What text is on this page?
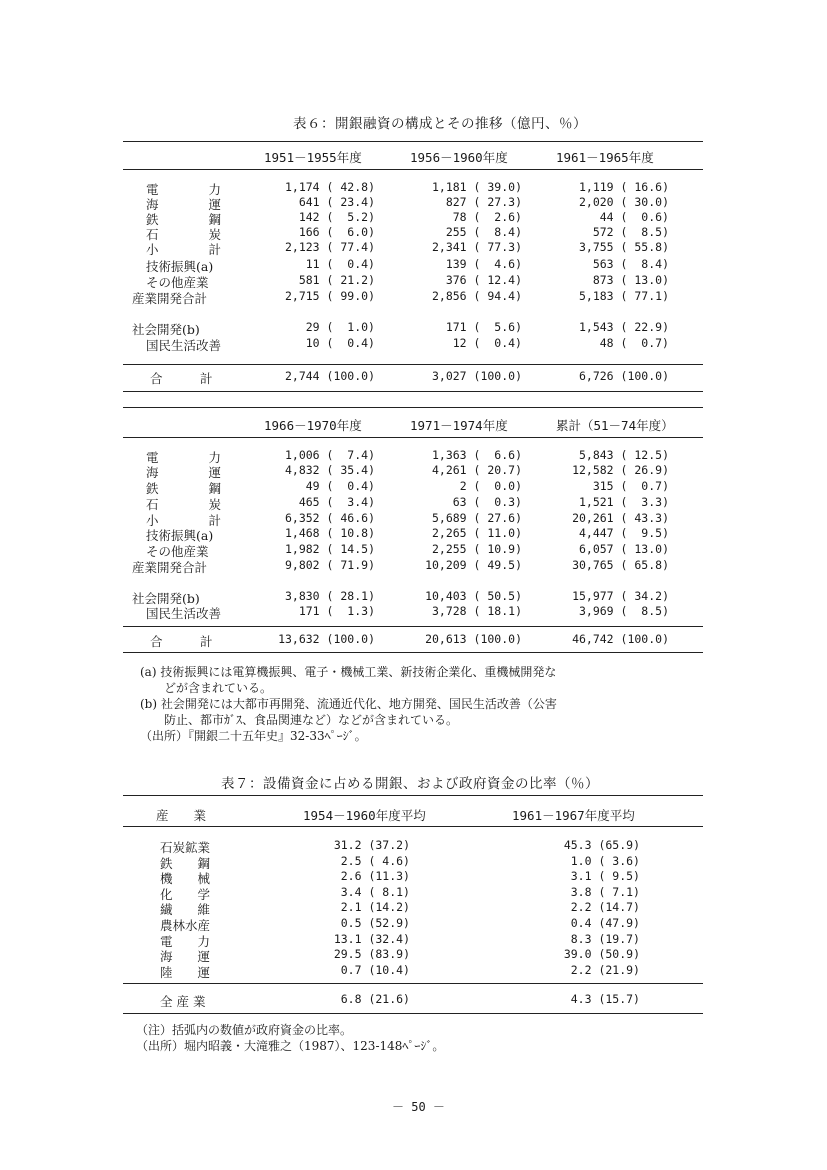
表６：開銀融資の構成とその推移（億円、％）
1951－1955年度	1956－1960年度	1961－1965年度
電　　　　力	1,174 ( 42.8)	1,181 ( 39.0)	1,119 ( 16.6)
海　　　　運	641 ( 23.4)	827 ( 27.3)	2,020 ( 30.0)
鉄　　　　鋼	142 (  5.2)	78 (  2.6)	44 (  0.6)
石　　　　炭	166 (  6.0)	255 (  8.4)	572 (  8.5)
小　　　　計	2,123 ( 77.4)	2,341 ( 77.3)	3,755 ( 55.8)
技術振興(a)	11 (  0.4)	139 (  4.6)	563 (  8.4)
その他産業	581 ( 21.2)	376 ( 12.4)	873 ( 13.0)
産業開発合計	2,715 ( 99.0)	2,856 ( 94.4)	5,183 ( 77.1)
社会開発(b)	29 (  1.0)	171 (  5.6)	1,543 ( 22.9)
国民生活改善	10 (  0.4)	12 (  0.4)	48 (  0.7)
合　　　計	2,744 (100.0)	3,027 (100.0)	6,726 (100.0)
1966－1970年度	1971－1974年度	累計（51－74年度）
電　　　　力	1,006 (  7.4)	1,363 (  6.6)	5,843 ( 12.5)
海　　　　運	4,832 ( 35.4)	4,261 ( 20.7)	12,582 ( 26.9)
鉄　　　　鋼	49 (  0.4)	2 (  0.0)	315 (  0.7)
石　　　　炭	465 (  3.4)	63 (  0.3)	1,521 (  3.3)
小　　　　計	6,352 ( 46.6)	5,689 ( 27.6)	20,261 ( 43.3)
技術振興(a)	1,468 ( 10.8)	2,265 ( 11.0)	4,447 (  9.5)
その他産業	1,982 ( 14.5)	2,255 ( 10.9)	6,057 ( 13.0)
産業開発合計	9,802 ( 71.9)	10,209 ( 49.5)	30,765 ( 65.8)
社会開発(b)	3,830 ( 28.1)	10,403 ( 50.5)	15,977 ( 34.2)
国民生活改善	171 (  1.3)	3,728 ( 18.1)	3,969 (  8.5)
合　　　計	13,632 (100.0)	20,613 (100.0)	46,742 (100.0)
(a) 技術振興には電算機振興、電子・機械工業、新技術企業化、重機械開発な
　　どが含まれている。
(b) 社会開発には大都市再開発、流通近代化、地方開発、国民生活改善（公害
　　防止、都市ｶﾞｽ、食品関連など）などが含まれている。
（出所）『開銀二十五年史』32-33ﾍﾟｰｼﾞ。
表７：設備資金に占める開銀、および政府資金の比率（％）
産　　業	1954－1960年度平均	1961－1967年度平均
石炭鉱業	31.2 (37.2)	45.3 (65.9)
鉄　　鋼	2.5 ( 4.6)	1.0 ( 3.6)
機　　械	2.6 (11.3)	3.1 ( 9.5)
化　　学	3.4 ( 8.1)	3.8 ( 7.1)
繊　　維	2.1 (14.2)	2.2 (14.7)
農林水産	0.5 (52.9)	0.4 (47.9)
電　　力	13.1 (32.4)	8.3 (19.7)
海　　運	29.5 (83.9)	39.0 (50.9)
陸　　運	0.7 (10.4)	2.2 (21.9)
全 産 業	6.8 (21.6)	4.3 (15.7)
（注）括弧内の数値が政府資金の比率。
（出所）堀内昭義・大滝雅之（1987）、123-148ﾍﾟｰｼﾞ。
－ 50 －
